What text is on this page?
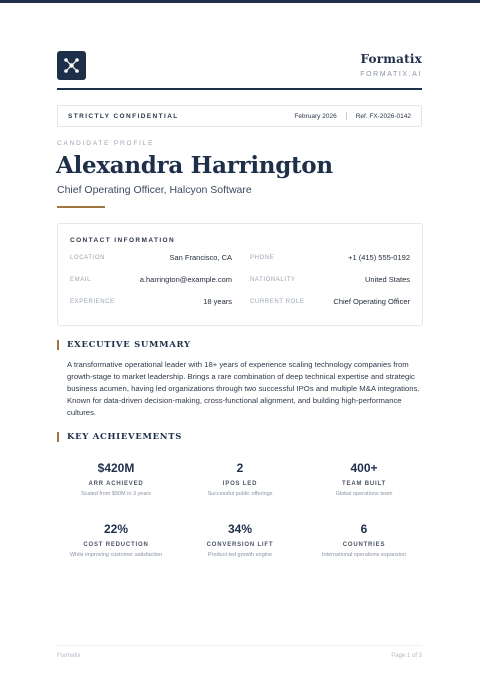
Formatix
FORMATIX.AI
STRICTLY CONFIDENTIAL	February 2026	Ref. FX-2026-0142
CANDIDATE PROFILE
Alexandra Harrington
Chief Operating Officer, Halcyon Software
CONTACT INFORMATION
LOCATION	San Francisco, CA	PHONE	+1 (415) 555-0192
EMAIL	a.harrington@example.com	NATIONALITY	United States
EXPERIENCE	18 years	CURRENT ROLE	Chief Operating Officer
EXECUTIVE SUMMARY
A transformative operational leader with 18+ years of experience scaling technology companies from growth-stage to market leadership. Brings a rare combination of deep technical expertise and strategic business acumen, having led organizations through two successful IPOs and multiple M&A integrations. Known for data-driven decision-making, cross-functional alignment, and building high-performance cultures.
KEY ACHIEVEMENTS
$420M
ARR ACHIEVED
Scaled from $90M in 3 years
2
IPOS LED
Successful public offerings
400+
TEAM BUILT
Global operations team
22%
COST REDUCTION
While improving customer satisfaction
34%
CONVERSION LIFT
Product-led growth engine
6
COUNTRIES
International operations expansion
Formatix	Page 1 of 3
